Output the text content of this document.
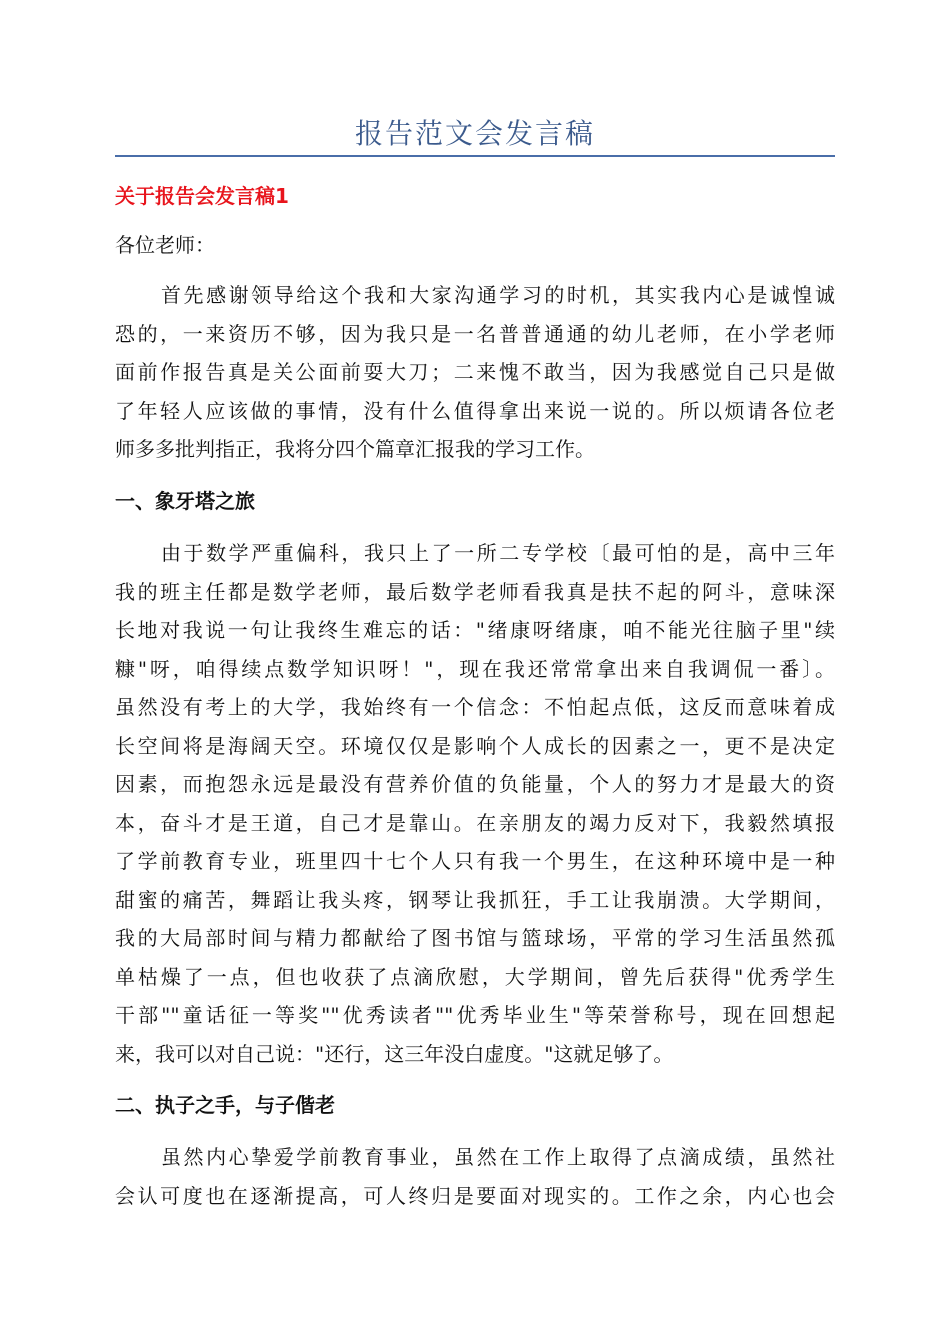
报告范文会发言稿
关于报告会发言稿1
各位老师：
首先感谢领导给这个我和大家沟通学习的时机，其实我内心是诚惶诚
恐的，一来资历不够，因为我只是一名普普通通的幼儿老师，在小学老师
面前作报告真是关公面前耍大刀；二来愧不敢当，因为我感觉自己只是做
了年轻人应该做的事情，没有什么值得拿出来说一说的。所以烦请各位老
师多多批判指正，我将分四个篇章汇报我的学习工作。
一、象牙塔之旅
由于数学严重偏科，我只上了一所二专学校〔最可怕的是，高中三年
我的班主任都是数学老师，最后数学老师看我真是扶不起的阿斗，意味深
长地对我说一句让我终生难忘的话："绪康呀绪康，咱不能光往脑子里"续
糠"呀，咱得续点数学知识呀！"，现在我还常常拿出来自我调侃一番〕。
虽然没有考上的大学，我始终有一个信念：不怕起点低，这反而意味着成
长空间将是海阔天空。环境仅仅是影响个人成长的因素之一，更不是决定
因素，而抱怨永远是最没有营养价值的负能量，个人的努力才是最大的资
本，奋斗才是王道，自己才是靠山。在亲朋友的竭力反对下，我毅然填报
了学前教育专业，班里四十七个人只有我一个男生，在这种环境中是一种
甜蜜的痛苦，舞蹈让我头疼，钢琴让我抓狂，手工让我崩溃。大学期间，
我的大局部时间与精力都献给了图书馆与篮球场，平常的学习生活虽然孤
单枯燥了一点，但也收获了点滴欣慰，大学期间，曾先后获得"优秀学生
干部""童话征一等奖""优秀读者""优秀毕业生"等荣誉称号，现在回想起
来，我可以对自己说："还行，这三年没白虚度。"这就足够了。
二、执子之手，与子偕老
虽然内心挚爱学前教育事业，虽然在工作上取得了点滴成绩，虽然社
会认可度也在逐渐提高，可人终归是要面对现实的。工作之余，内心也会
